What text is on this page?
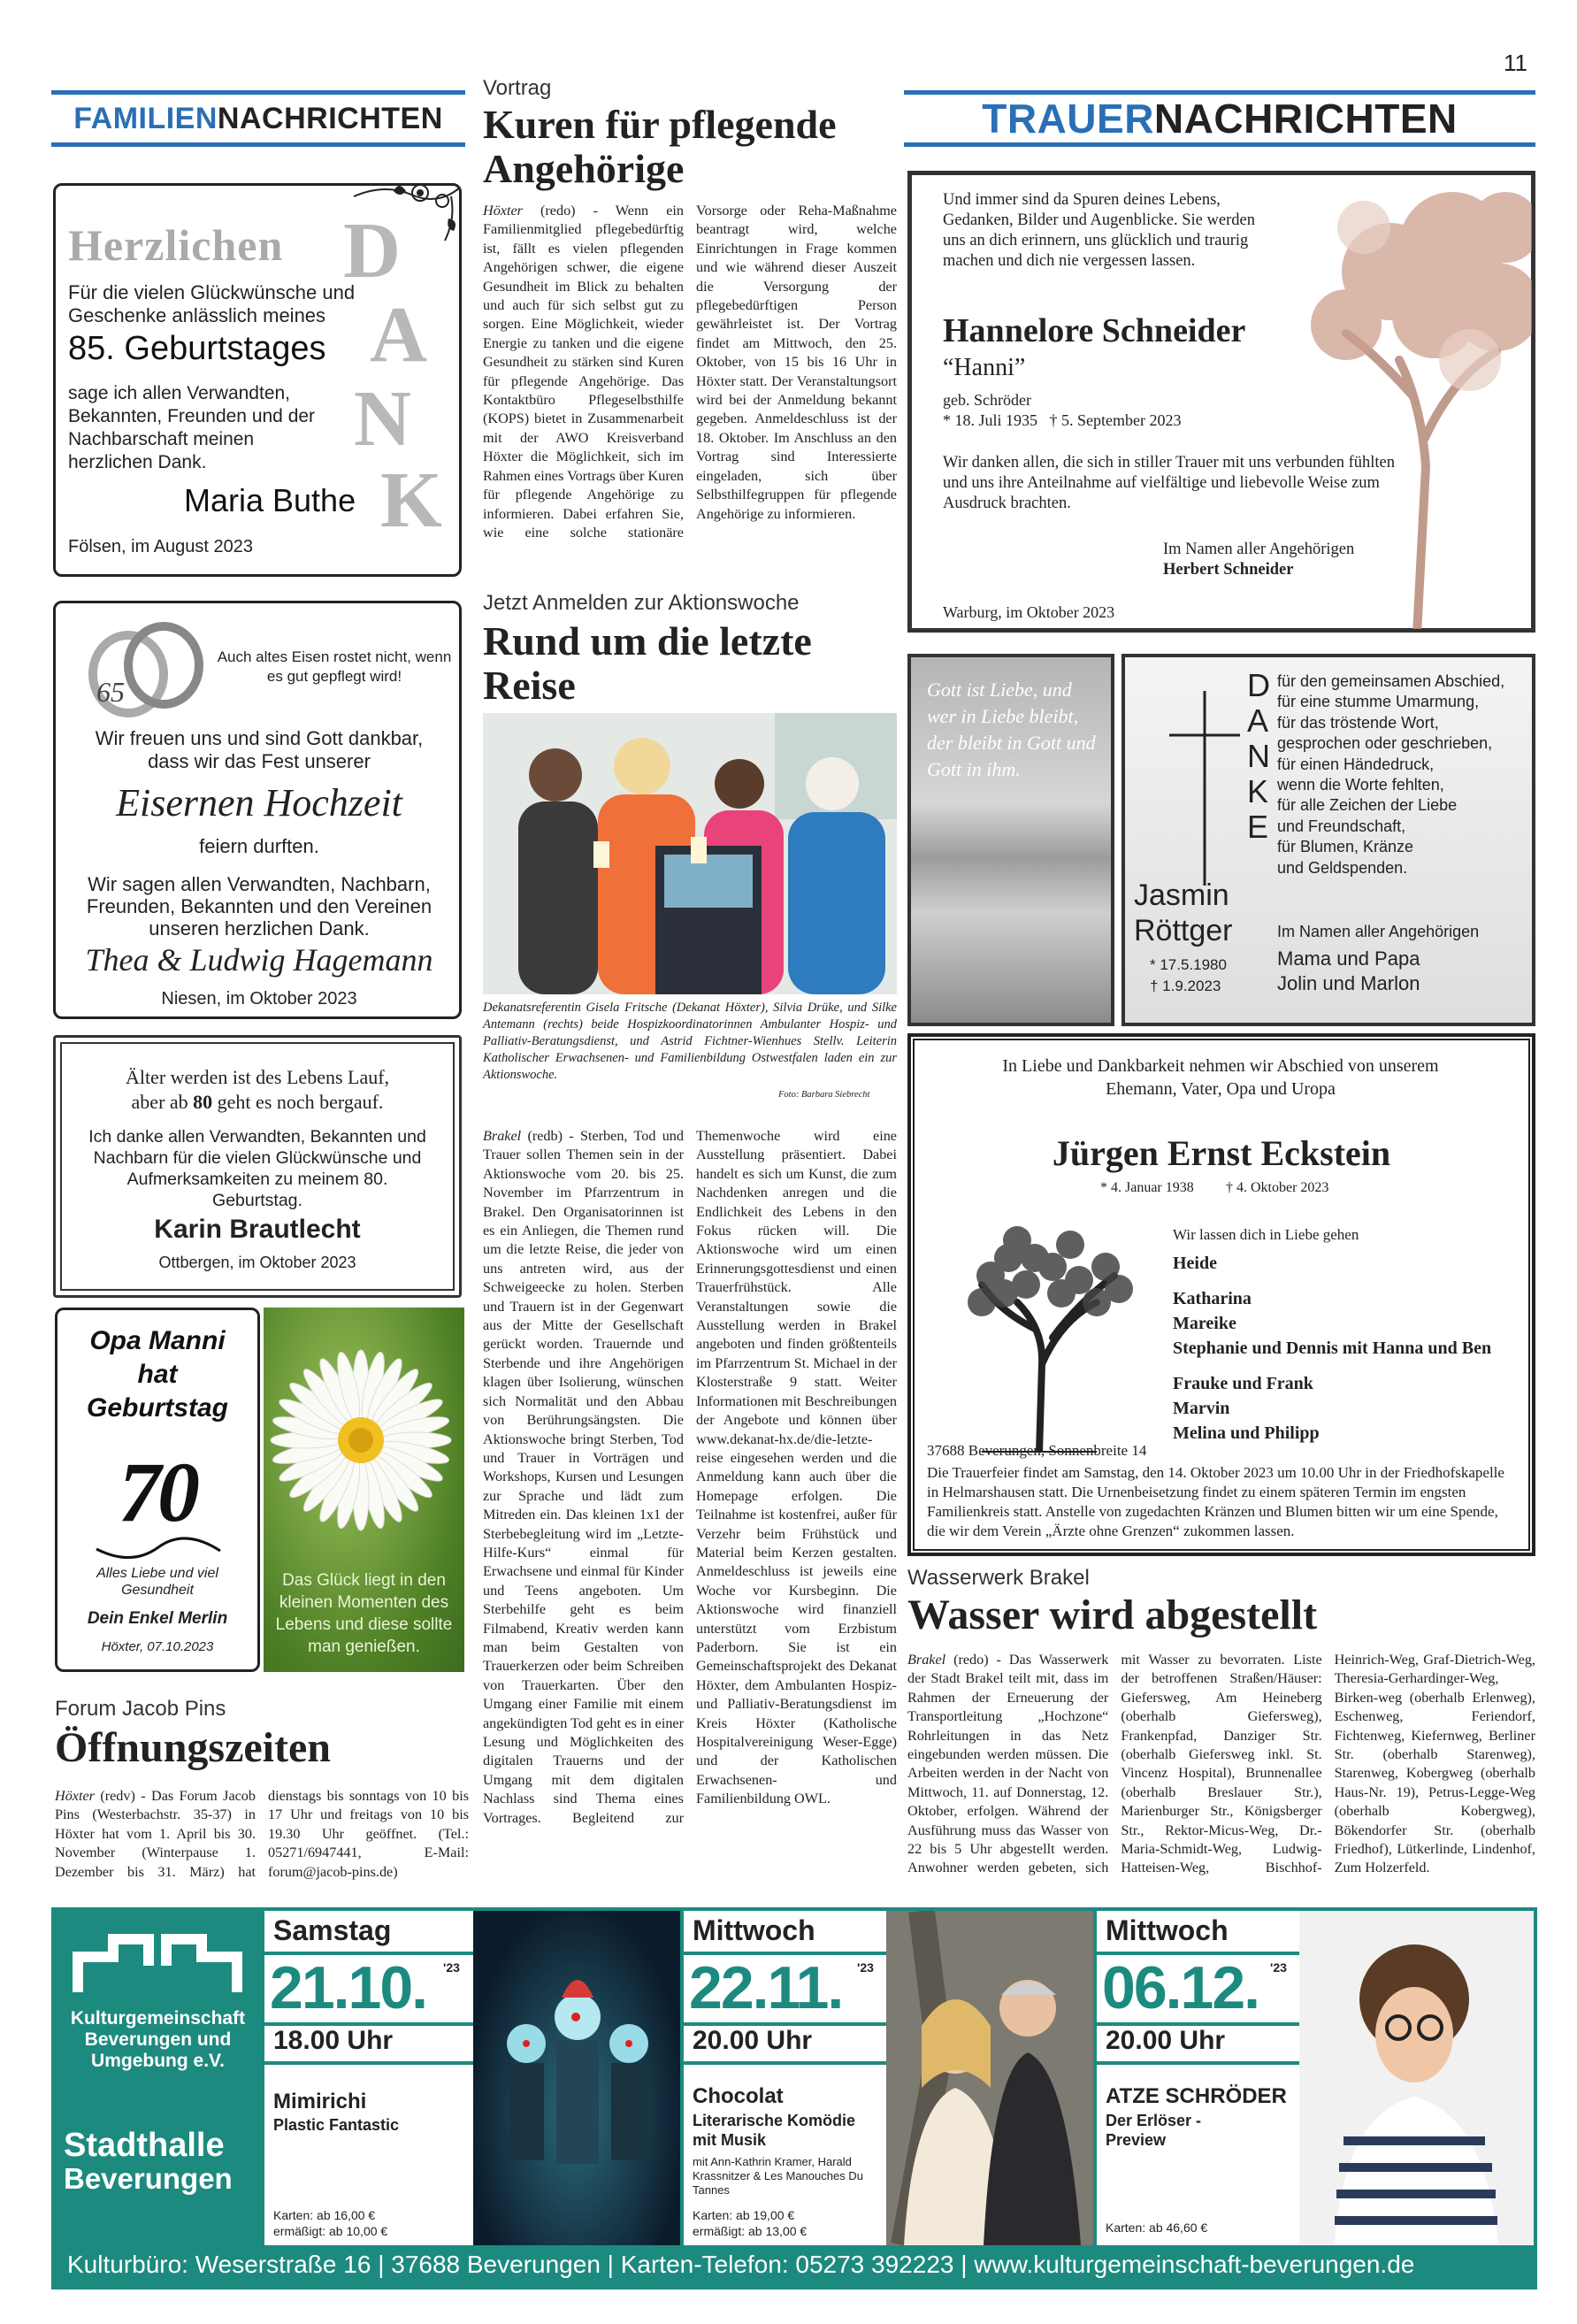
11
FAMILIEN NACHRICHTEN	TRAUER NACHRICHTEN
Herzlichen D
A
N
K
Für die vielen Glückwünsche und Geschenke anlässlich meines
85. Geburtstages
sage ich allen Verwandten, Bekannten, Freunden und der Nachbarschaft meinen herzlichen Dank.
Maria Buthe
Fölsen, im August 2023
65
Auch altes Eisen rostet nicht, wenn es gut gepflegt wird!
Wir freuen uns und sind Gott dankbar, dass wir das Fest unserer
Eisernen Hochzeit
feiern durften.
Wir sagen allen Verwandten, Nachbarn, Freunden, Bekannten und den Vereinen unseren herzlichen Dank.
Thea & Ludwig Hagemann
Niesen, im Oktober 2023
Älter werden ist des Lebens Lauf,
aber ab 80 geht es noch bergauf.
Ich danke allen Verwandten, Bekannten und Nachbarn für die vielen Glückwünsche und Aufmerksamkeiten zu meinem 80. Geburtstag.
Karin Brautlecht
Ottbergen, im Oktober 2023
Opa Manni
hat
Geburtstag
70
Alles Liebe und viel Gesundheit
Dein Enkel Merlin
Höxter, 07.10.2023
Das Glück liegt in den kleinen Momenten des Lebens und diese sollte man genießen.
Forum Jacob Pins
Öffnungszeiten

Höxter (redv) - Das Forum Jacob Pins (Westerbachstr. 35-37) in Höxter hat vom 1. April bis 30. November (Winterpause 1. Dezember bis 31. März) hat dienstags bis sonntags von 10 bis 17 Uhr und freitags von 10 bis 19.30 Uhr geöffnet. (Tel.: 05271/6947441, E-Mail: forum@jacob-pins.de)

Vortrag
Kuren für pflegende Angehörige

Höxter (redo) - Wenn ein Familienmitglied pflegebedürftig ist, fällt es vielen pflegenden Angehörigen schwer, die eigene Gesundheit im Blick zu behalten und auch für sich selbst gut zu sorgen. Eine Möglichkeit, wieder Energie zu tanken und die eigene Gesundheit zu stärken sind Kuren für pflegende Angehörige. Das Kontaktbüro Pflegeselbsthilfe (KOPS) bietet in Zusammenarbeit mit der AWO Kreisverband Höxter die Möglichkeit, sich im Rahmen eines Vortrags über Kuren für pflegende Angehörige zu informieren. Dabei erfahren Sie, wie eine solche stationäre Vorsorge oder Reha-Maßnahme beantragt wird, welche Einrichtungen in Frage kommen und wie während dieser Auszeit die Versorgung der pflegebedürftigen Person gewährleistet ist. Der Vortrag findet am Mittwoch, den 25. Oktober, von 15 bis 16 Uhr in Höxter statt. Der Veranstaltungsort wird bei der Anmeldung bekannt gegeben. Anmeldeschluss ist der 18. Oktober. Im Anschluss an den Vortrag sind Interessierte eingeladen, sich über Selbsthilfegruppen für pflegende Angehörige zu informieren.

Jetzt Anmelden zur Aktionswoche
Rund um die letzte Reise
Dekanatsreferentin Gisela Fritsche (Dekanat Höxter), Silvia Drüke, und Silke Antemann (rechts) beide Hospizkoordinatorinnen Ambulanter Hospiz- und Palliativ-Beratungsdienst, und Astrid Fichtner-Wienhues Stellv. Leiterin Katholischer Erwachsenen- und Familienbildung Ostwestfalen laden ein zur Aktionswoche.
Foto: Barbara Siebrecht

Brakel (redb) - Sterben, Tod und Trauer sollen Themen sein in der Aktionswoche vom 20. bis 25. November im Pfarrzentrum in Brakel. Den Organisatorinnen ist es ein Anliegen, die Themen rund um die letzte Reise, die jeder von uns antreten wird, aus der Schweigeecke zu holen. Sterben und Trauern ist in der Gegenwart aus der Mitte der Gesellschaft gerückt worden. Trauernde und Sterbende und ihre Angehörigen klagen über Isolierung, wünschen sich Normalität und den Abbau von Berührungsängsten. Die Aktionswoche bringt Sterben, Tod und Trauer in Vorträgen und Workshops, Kursen und Lesungen zur Sprache und lädt zum Mitreden ein. Das kleinen 1x1 der Sterbebegleitung wird im „Letzte-Hilfe-Kurs“ einmal für Erwachsene und einmal für Kinder und Teens angeboten. Um Sterbehilfe geht es beim Filmabend, Kreativ werden kann man beim Gestalten von Trauerkerzen oder beim Schreiben von Trauerkarten. Über den Umgang einer Familie mit einem angekündigten Tod geht es in einer Lesung und Möglichkeiten des digitalen Trauerns und der Umgang mit dem digitalen Nachlass sind Thema eines Vortrages. Begleitend zur Themenwoche wird eine Ausstellung präsentiert. Dabei handelt es sich um Kunst, die zum Nachdenken anregen und die Endlichkeit des Lebens in den Fokus rücken will. Die Aktionswoche wird um einen Erinnerungsgottesdienst und einen Trauerfrühstück. Alle Veranstaltungen sowie die Ausstellung werden in Brakel angeboten und finden größtenteils im Pfarrzentrum St. Michael in der Klosterstraße 9 statt. Weiter Informationen mit Beschreibungen der Angebote und können über www.dekanat-hx.de/die-letzte-reise eingesehen werden und die Anmeldung kann auch über die Homepage erfolgen. Die Teilnahme ist kostenfrei, außer für Verzehr beim Frühstück und Material beim Kerzen gestalten. Anmeldeschluss ist jeweils eine Woche vor Kursbeginn. Die Aktionswoche wird finanziell unterstützt vom Erzbistum Paderborn. Sie ist ein Gemeinschaftsprojekt des Dekanat Höxter, dem Ambulanten Hospiz- und Palliativ-Beratungsdienst im Kreis Höxter (Katholische Hospitalvereinigung Weser-Egge) und der Katholischen Erwachsenen- und Familienbildung OWL.

Und immer sind da Spuren deines Lebens, Gedanken, Bilder und Augenblicke. Sie werden uns an dich erinnern, uns glücklich und traurig machen und dich nie vergessen lassen.
Hannelore Schneider
“Hanni”
geb. Schröder
* 18. Juli 1935   † 5. September 2023
Wir danken allen, die sich in stiller Trauer mit uns verbunden fühlten und uns ihre Anteilnahme auf vielfältige und liebevolle Weise zum Ausdruck brachten.
Im Namen aller Angehörigen
Herbert Schneider
Warburg, im Oktober 2023
Gott ist Liebe, und wer in Liebe bleibt, der bleibt in Gott und Gott in ihm.
Jasmin
Röttger
* 17.5.1980
† 1.9.2023
D
A
N
K
E
für den gemeinsamen Abschied,
für eine stumme Umarmung,
für das tröstende Wort,
gesprochen oder geschrieben,
für einen Händedruck,
wenn die Worte fehlten,
für alle Zeichen der Liebe
und Freundschaft,
für Blumen, Kränze
und Geldspenden.
Im Namen aller Angehörigen
Mama und Papa
Jolin und Marlon
In Liebe und Dankbarkeit nehmen wir Abschied von unserem Ehemann, Vater, Opa und Uropa
Jürgen Ernst Eckstein
* 4. Januar 1938 † 4. Oktober 2023
Wir lassen dich in Liebe gehen
Heide
Katharina
Mareike
Stephanie und Dennis mit Hanna und Ben
Frauke und Frank
Marvin
Melina und Philipp
37688 Beverungen, Sonnenbreite 14
Die Trauerfeier findet am Samstag, den 14. Oktober 2023 um 10.00 Uhr in der Friedhofskapelle in Helmarshausen statt. Die Urnenbeisetzung findet zu einem späteren Termin im engsten Familienkreis statt. Anstelle von zugedachten Kränzen und Blumen bitten wir um eine Spende, die wir dem Verein „Ärzte ohne Grenzen“ zukommen lassen.
Wasserwerk Brakel
Wasser wird abgestellt

Brakel (redo) - Das Wasserwerk der Stadt Brakel teilt mit, dass im Rahmen der Erneuerung der Transportleitung „Hochzone“ Rohrleitungen in das Netz eingebunden werden müssen. Die Arbeiten werden in der Nacht von Mittwoch, 11. auf Donnerstag, 12. Oktober, erfolgen. Während der Ausführung muss das Wasser von 22 bis 5 Uhr abgestellt werden. Anwohner werden gebeten, sich mit Wasser zu bevorraten. Liste der betroffenen Straßen/Häuser: Giefersweg, Am Heineberg (oberhalb Giefersweg), Frankenpfad, Danziger Str. (oberhalb Giefersweg inkl. St. Vincenz Hospital), Brunnenallee (oberhalb Breslauer Str.), Marienburger Str., Königsberger Str., Rektor-Micus-Weg, Dr.-Maria-Schmidt-Weg, Ludwig-Hatteisen-Weg, Bischhof-Heinrich-Weg, Graf-Dietrich-Weg, Theresia-Gerhardinger-Weg, Birken-weg (oberhalb Erlenweg), Eschenweg, Feriendorf, Fichtenweg, Kiefernweg, Berliner Str. (oberhalb Starenweg), Starenweg, Kobergweg (oberhalb Haus-Nr. 19), Petrus-Legge-Weg (oberhalb Kobergweg), Bökendorfer Str. (oberhalb Friedhof), Lütkerlinde, Lindenhof, Zum Holzerfeld.

Kulturgemeinschaft Beverungen und Umgebung e.V.
Stadthalle
Beverungen
Samstag
21.10. '23
18.00 Uhr
Mimirichi
Plastic Fantastic
Karten: ab 16,00 €
ermäßigt: ab 10,00 €
Mittwoch
22.11. '23
20.00 Uhr
Chocolat
Literarische Komödie mit Musik
mit Ann-Kathrin Kramer, Harald Krassnitzer & Les Manouches Du Tannes
Karten: ab 19,00 €
ermäßigt: ab 13,00 €
Mittwoch
06.12. '23
20.00 Uhr
ATZE SCHRÖDER
Der Erlöser - Preview
Karten: ab 46,60 €
Kulturbüro: Weserstraße 16 | 37688 Beverungen | Karten-Telefon: 05273 392223 | www.kulturgemeinschaft-beverungen.de
